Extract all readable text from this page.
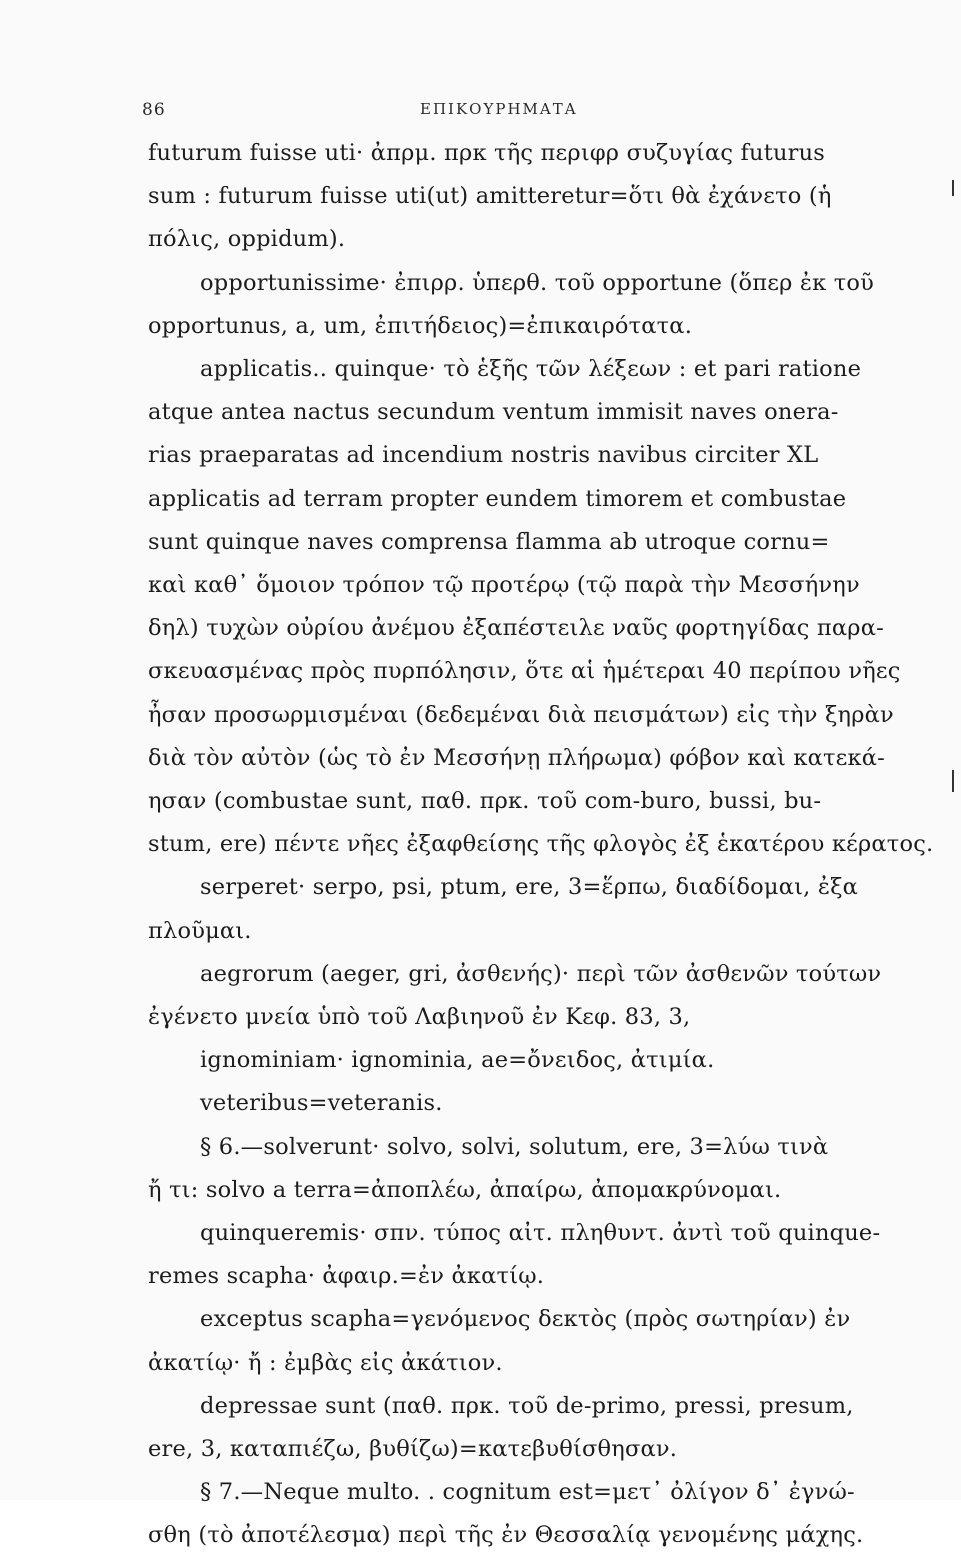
86	ΕΠΙΚΟΥΡΗΜΑΤΑ
futurum fuisse uti· ἀπρμ. πρκ τῆς περιφρ συζυγίας futurus
sum : futurum fuisse uti(ut) amitteretur=ὅτι θὰ ἐχάνετο (ἡ
πόλις, oppidum).
opportunissime· ἐπιρρ. ὑπερθ. τοῦ opportune (ὅπερ ἐκ τοῦ
opportunus, a, um, ἐπιτήδειος)=ἐπικαιρότατα.
applicatis.. quinque· τὸ ἑξῆς τῶν λέξεων : et pari ratione
atque antea nactus secundum ventum immisit naves onera-
rias praeparatas ad incendium nostris navibus circiter XL
applicatis ad terram propter eundem timorem et combustae
sunt quinque naves comprensa flamma ab utroque cornu=
καὶ καθ᾽ ὅμοιον τρόπον τῷ προτέρῳ (τῷ παρὰ τὴν Μεσσήνην
δηλ) τυχὼν οὐρίου ἀνέμου ἐξαπέστειλε ναῦς φορτηγίδας παρα-
σκευασμένας πρὸς πυρπόλησιν, ὅτε αἱ ἡμέτεραι 40 περίπου νῆες
ἦσαν προσωρμισμέναι (δεδεμέναι διὰ πεισμάτων) εἰς τὴν ξηρὰν
διὰ τὸν αὐτὸν (ὡς τὸ ἐν Μεσσήνῃ πλήρωμα) φόβον καὶ κατεκά-
ησαν (combustae sunt, παθ. πρκ. τοῦ com-buro, bussi, bu-
stum, ere) πέντε νῆες ἐξαφθείσης τῆς φλογὸς ἐξ ἑκατέρου κέρατος.
serperet· serpo, psi, ptum, ere, 3=ἕρπω, διαδίδομαι, ἐξα
πλοῦμαι.
aegrorum (aeger, gri, ἀσθενής)· περὶ τῶν ἀσθενῶν τούτων
ἐγένετο μνεία ὑπὸ τοῦ Λαβιηνοῦ ἐν Κεφ. 83, 3,
ignominiam· ignominia, ae=ὄνειδος, ἀτιμία.
veteribus=veteranis.
§ 6.—solverunt· solvo, solvi, solutum, ere, 3=λύω τινὰ
ἤ τι: solvo a terra=ἀποπλέω, ἀπαίρω, ἀπομακρύνομαι.
quinqueremis· σπν. τύπος αἰτ. πληθυντ. ἀντὶ τοῦ quinque-
remes scapha· ἀφαιρ.=ἐν ἀκατίῳ.
exceptus scapha=γενόμενος δεκτὸς (πρὸς σωτηρίαν) ἐν
ἀκατίῳ· ἤ : ἐμβὰς εἰς ἀκάτιον.
depressae sunt (παθ. πρκ. τοῦ de-primo, pressi, presum,
ere, 3, καταπιέζω, βυθίζω)=κατεβυθίσθησαν.
§ 7.—Neque multo. . cognitum est=μετ᾽ ὀλίγον δ᾽ ἐγνώ-
σθη (τὸ ἀποτέλεσμα) περὶ τῆς ἐν Θεσσαλίᾳ γενομένης μάχης.
